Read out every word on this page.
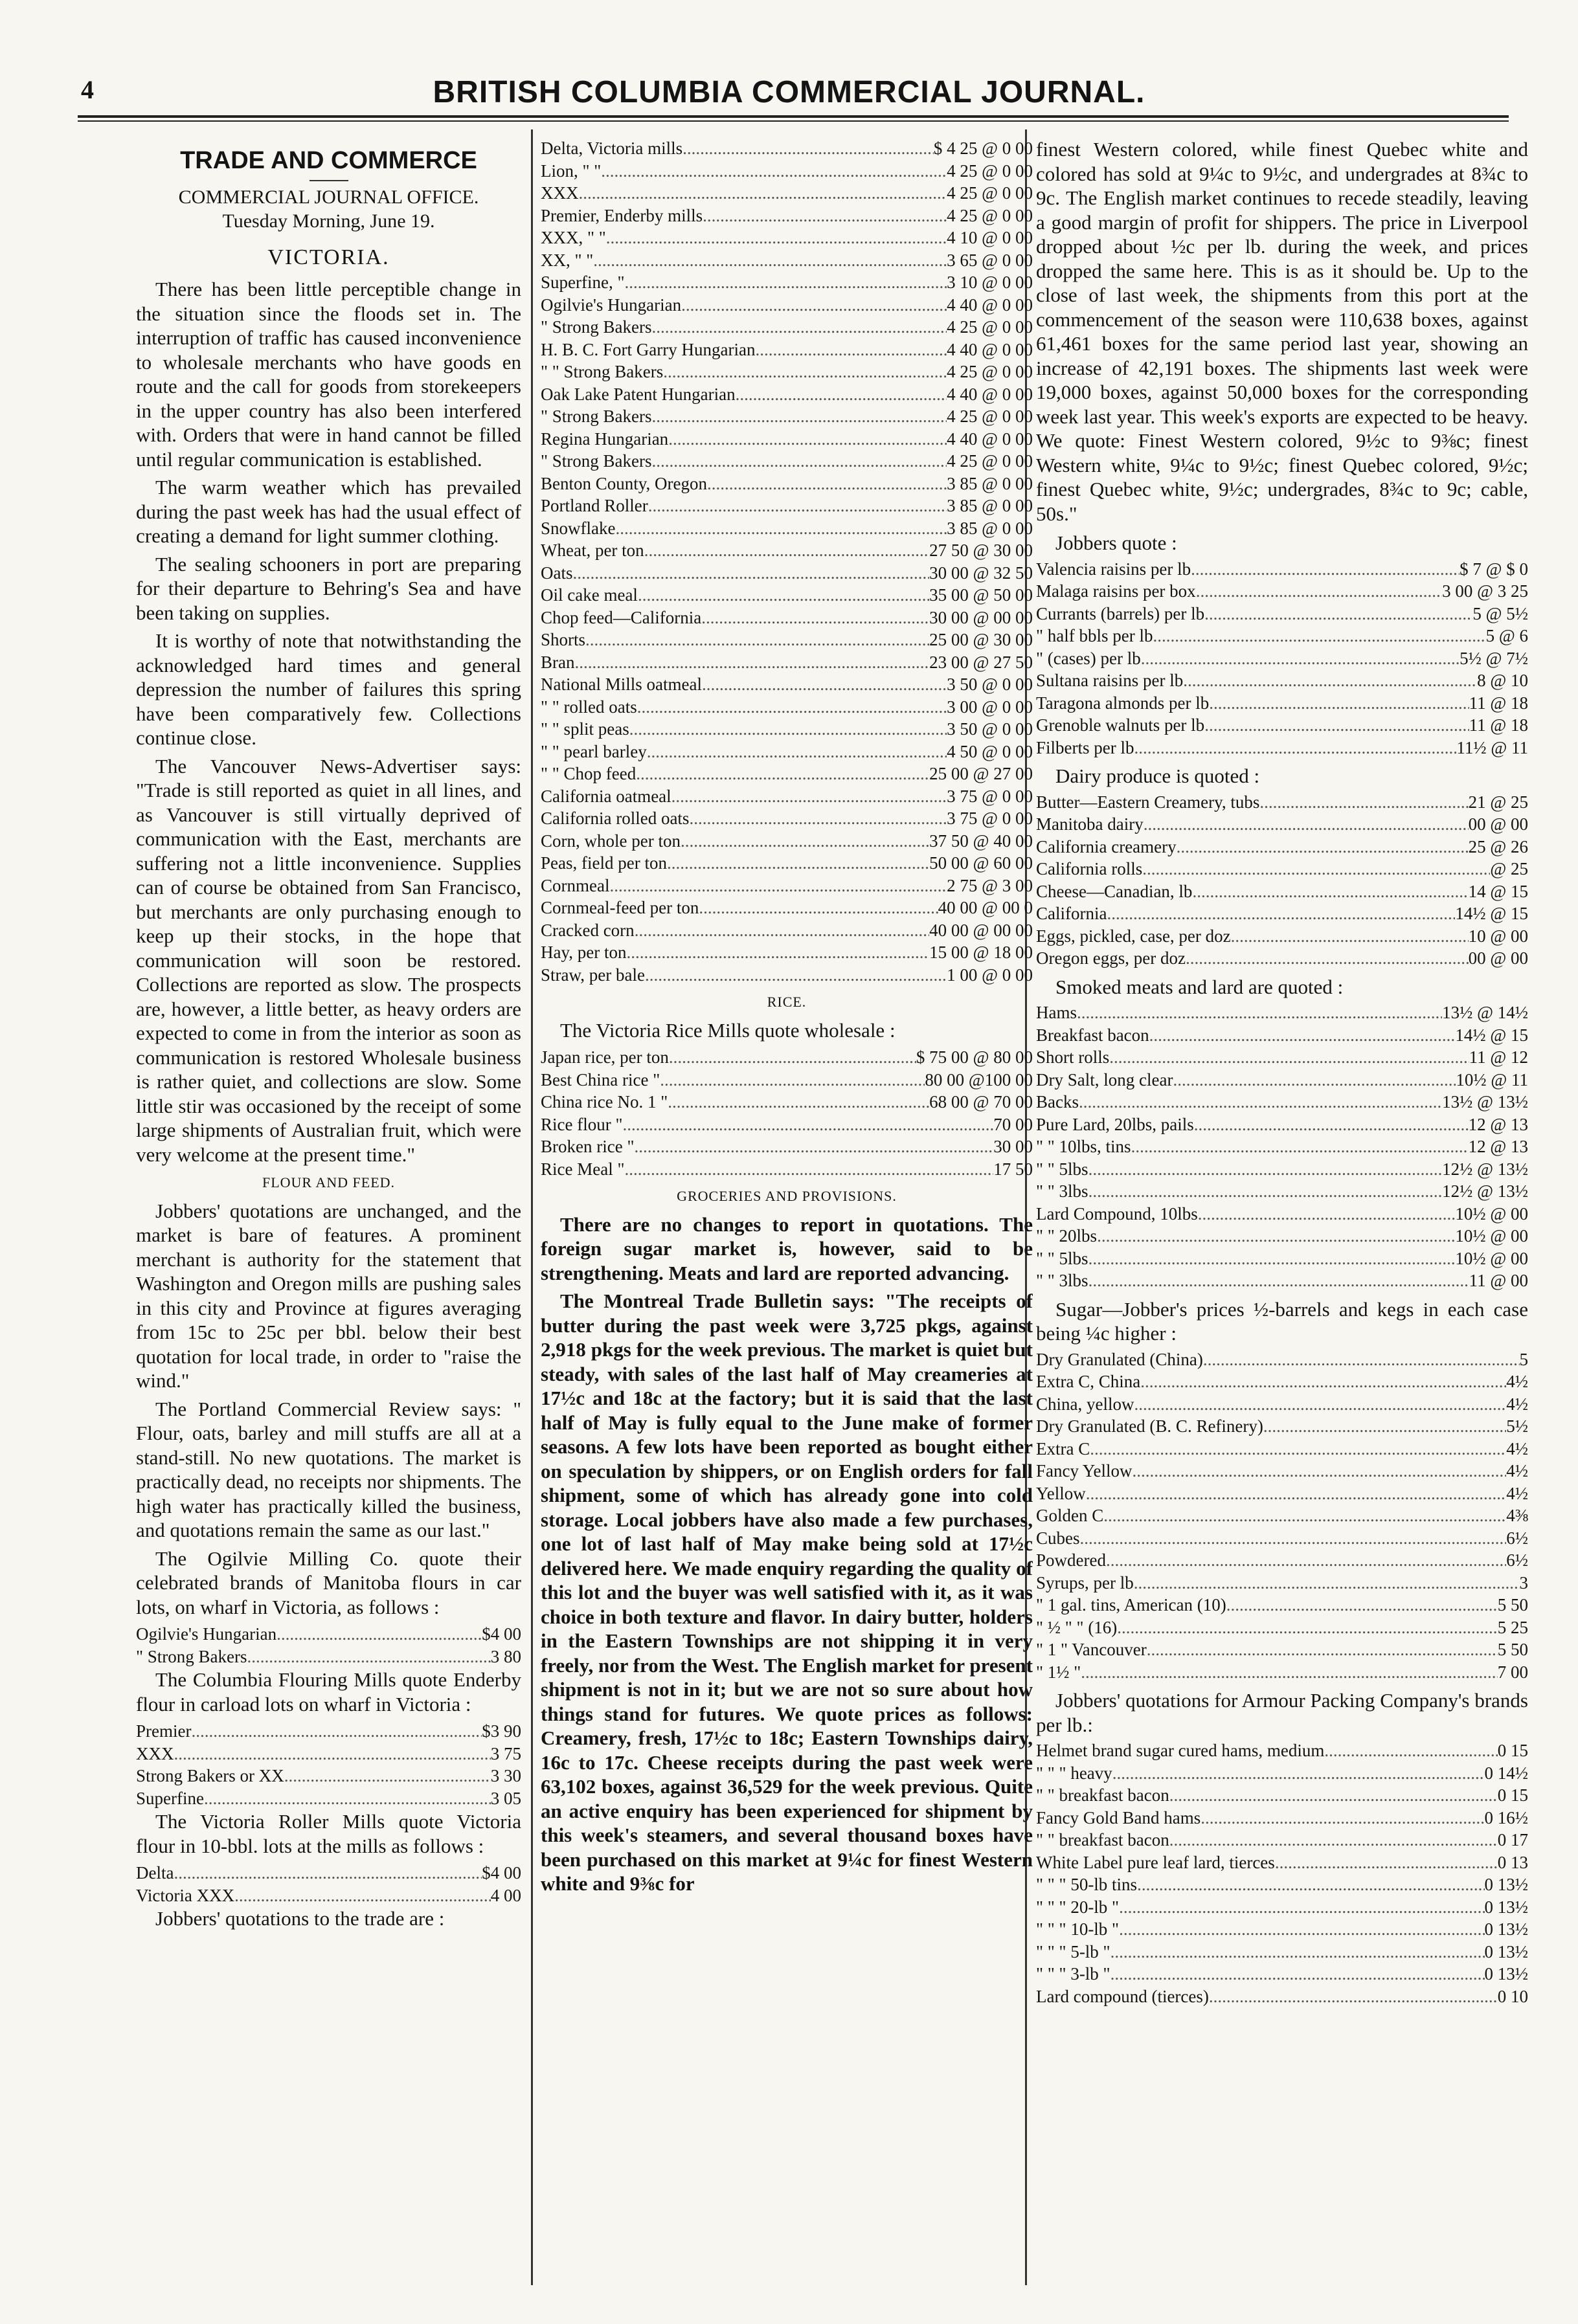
4	BRITISH COLUMBIA COMMERCIAL JOURNAL.
TRADE AND COMMERCE
COMMERCIAL JOURNAL OFFICE.
Tuesday Morning, June 19.
VICTORIA.

There has been little perceptible change in the situation since the floods set in. The interruption of traffic has caused inconvenience to wholesale merchants who have goods en route and the call for goods from storekeepers in the upper country has also been interfered with. Orders that were in hand cannot be filled until regular communication is established.

The warm weather which has prevailed during the past week has had the usual effect of creating a demand for light summer clothing.

The sealing schooners in port are preparing for their departure to Behring's Sea and have been taking on supplies.

It is worthy of note that notwithstanding the acknowledged hard times and general depression the number of failures this spring have been comparatively few. Collections continue close.

The Vancouver News-Advertiser says: "Trade is still reported as quiet in all lines, and as Vancouver is still virtually deprived of communication with the East, merchants are suffering not a little inconvenience. Supplies can of course be obtained from San Francisco, but merchants are only purchasing enough to keep up their stocks, in the hope that communication will soon be restored. Collections are reported as slow. The prospects are, however, a little better, as heavy orders are expected to come in from the interior as soon as communication is restored Wholesale business is rather quiet, and collections are slow. Some little stir was occasioned by the receipt of some large shipments of Australian fruit, which were very welcome at the present time."

FLOUR AND FEED.

Jobbers' quotations are unchanged, and the market is bare of features. A prominent merchant is authority for the statement that Washington and Oregon mills are pushing sales in this city and Province at figures averaging from 15c to 25c per bbl. below their best quotation for local trade, in order to "raise the wind."

The Portland Commercial Review says: " Flour, oats, barley and mill stuffs are all at a stand-still. No new quotations. The market is practically dead, no receipts nor shipments. The high water has practically killed the business, and quotations remain the same as our last."

The Ogilvie Milling Co. quote their celebrated brands of Manitoba flours in car lots, on wharf in Victoria, as follows :

Ogilvie's Hungarian .....	$4 00
" Strong Bakers .....	3 80

The Columbia Flouring Mills quote Enderby flour in carload lots on wharf in Victoria :

Premier .....	$3 90
XXX .....	3 75
Strong Bakers or XX .....	3 30
Superfine .....	3 05

The Victoria Roller Mills quote Victoria flour in 10-bbl. lots at the mills as follows :

Delta .....	$4 00
Victoria XXX .....	4 00

Jobbers' quotations to the trade are :

Delta, Victoria mills .....	$ 4 25 @ 0 00
Lion, " " .....	4 25 @ 0 00
XXX .....	4 25 @ 0 00
Premier, Enderby mills .....	4 25 @ 0 00
XXX, " " .....	4 10 @ 0 00
XX, " " .....	3 65 @ 0 00
Superfine, " .....	3 10 @ 0 00
Ogilvie's Hungarian .....	4 40 @ 0 00
" Strong Bakers .....	4 25 @ 0 00
H. B. C. Fort Garry Hungarian .....	4 40 @ 0 00
" " Strong Bakers .....	4 25 @ 0 00
Oak Lake Patent Hungarian .....	4 40 @ 0 00
" Strong Bakers .....	4 25 @ 0 00
Regina Hungarian .....	4 40 @ 0 00
" Strong Bakers .....	4 25 @ 0 00
Benton County, Oregon .....	3 85 @ 0 00
Portland Roller .....	3 85 @ 0 00
Snowflake .....	3 85 @ 0 00
Wheat, per ton .....	27 50 @ 30 00
Oats .....	30 00 @ 32 50
Oil cake meal .....	35 00 @ 50 00
Chop feed—California .....	30 00 @ 00 00
Shorts .....	25 00 @ 30 00
Bran .....	23 00 @ 27 50
National Mills oatmeal .....	3 50 @ 0 00
" " rolled oats .....	3 00 @ 0 00
" " split peas .....	3 50 @ 0 00
" " pearl barley .....	4 50 @ 0 00
" " Chop feed .....	25 00 @ 27 00
California oatmeal .....	3 75 @ 0 00
California rolled oats .....	3 75 @ 0 00
Corn, whole per ton .....	37 50 @ 40 00
Peas, field per ton .....	50 00 @ 60 00
Cornmeal .....	2 75 @ 3 00
Cornmeal-feed per ton .....	40 00 @ 00 0
Cracked corn .....	40 00 @ 00 00
Hay, per ton .....	15 00 @ 18 00
Straw, per bale .....	1 00 @ 0 00
RICE.

The Victoria Rice Mills quote wholesale :

Japan rice, per ton .....	$ 75 00 @ 80 00
Best China rice " .....	80 00 @100 00
China rice No. 1 " .....	68 00 @ 70 00
Rice flour " .....	70 00
Broken rice " .....	30 00
Rice Meal " .....	17 50
GROCERIES AND PROVISIONS.

There are no changes to report in quotations. The foreign sugar market is, however, said to be strengthening. Meats and lard are reported advancing.

The Montreal Trade Bulletin says: "The receipts of butter during the past week were 3,725 pkgs, against 2,918 pkgs for the week previous. The market is quiet but steady, with sales of the last half of May creameries at 17½c and 18c at the factory; but it is said that the last half of May is fully equal to the June make of former seasons. A few lots have been reported as bought either on speculation by shippers, or on English orders for fall shipment, some of which has already gone into cold storage. Local jobbers have also made a few purchases, one lot of last half of May make being sold at 17½c delivered here. We made enquiry regarding the quality of this lot and the buyer was well satisfied with it, as it was choice in both texture and flavor. In dairy butter, holders in the Eastern Townships are not shipping it in very freely, nor from the West. The English market for present shipment is not in it; but we are not so sure about how things stand for futures. We quote prices as follows: Creamery, fresh, 17½c to 18c; Eastern Townships dairy, 16c to 17c. Cheese receipts during the past week were 63,102 boxes, against 36,529 for the week previous. Quite an active enquiry has been experienced for shipment by this week's steamers, and several thousand boxes have been purchased on this market at 9¼c for finest Western white and 9⅜c for

finest Western colored, while finest Quebec white and colored has sold at 9¼c to 9½c, and undergrades at 8¾c to 9c. The English market continues to recede steadily, leaving a good margin of profit for shippers. The price in Liverpool dropped about ½c per lb. during the week, and prices dropped the same here. This is as it should be. Up to the close of last week, the shipments from this port at the commencement of the season were 110,638 boxes, against 61,461 boxes for the same period last year, showing an increase of 42,191 boxes. The shipments last week were 19,000 boxes, against 50,000 boxes for the corresponding week last year. This week's exports are expected to be heavy. We quote: Finest Western colored, 9½c to 9⅜c; finest Western white, 9¼c to 9½c; finest Quebec colored, 9½c; finest Quebec white, 9½c; undergrades, 8¾c to 9c; cable, 50s."

Jobbers quote :

Valencia raisins per lb .....	$ 7 @ $ 0
Malaga raisins per box .....	3 00 @ 3 25
Currants (barrels) per lb .....	5 @ 5½
" half bbls per lb .....	5 @ 6
" (cases) per lb .....	5½ @ 7½
Sultana raisins per lb .....	8 @ 10
Taragona almonds per lb .....	11 @ 18
Grenoble walnuts per lb .....	11 @ 18
Filberts per lb .....	11½ @ 11

Dairy produce is quoted :

Butter—Eastern Creamery, tubs .....	21 @ 25
Manitoba dairy .....	00 @ 00
California creamery .....	25 @ 26
California rolls .....	@ 25
Cheese—Canadian, lb .....	14 @ 15
California .....	14½ @ 15
Eggs, pickled, case, per doz .....	10 @ 00
Oregon eggs, per doz .....	00 @ 00

Smoked meats and lard are quoted :

Hams .....	13½ @ 14½
Breakfast bacon .....	14½ @ 15
Short rolls .....	11 @ 12
Dry Salt, long clear .....	10½ @ 11
Backs .....	13½ @ 13½
Pure Lard, 20lbs, pails .....	12 @ 13
" " 10lbs, tins .....	12 @ 13
" " 5lbs .....	12½ @ 13½
" " 3lbs .....	12½ @ 13½
Lard Compound, 10lbs .....	10½ @ 00
" " 20lbs .....	10½ @ 00
" " 5lbs .....	10½ @ 00
" " 3lbs .....	11 @ 00

Sugar—Jobber's prices ½-barrels and kegs in each case being ¼c higher :

Dry Granulated (China) .....	5
Extra C, China .....	4½
China, yellow .....	4½
Dry Granulated (B. C. Refinery) .....	5½
Extra C .....	4½
Fancy Yellow .....	4½
Yellow .....	4½
Golden C .....	4⅜
Cubes .....	6½
Powdered .....	6½
Syrups, per lb .....	3
" 1 gal. tins, American (10) .....	5 50
" ½ " " (16) .....	5 25
" 1 " Vancouver .....	5 50
" 1½ " .....	7 00

Jobbers' quotations for Armour Packing Company's brands per lb.:

Helmet brand sugar cured hams, medium .....	0 15
" " " heavy .....	0 14½
" " breakfast bacon .....	0 15
Fancy Gold Band hams .....	0 16½
" " breakfast bacon .....	0 17
White Label pure leaf lard, tierces .....	0 13
" " " 50-lb tins .....	0 13½
" " " 20-lb " .....	0 13½
" " " 10-lb " .....	0 13½
" " " 5-lb " .....	0 13½
" " " 3-lb " .....	0 13½
Lard compound (tierces) .....	0 10
